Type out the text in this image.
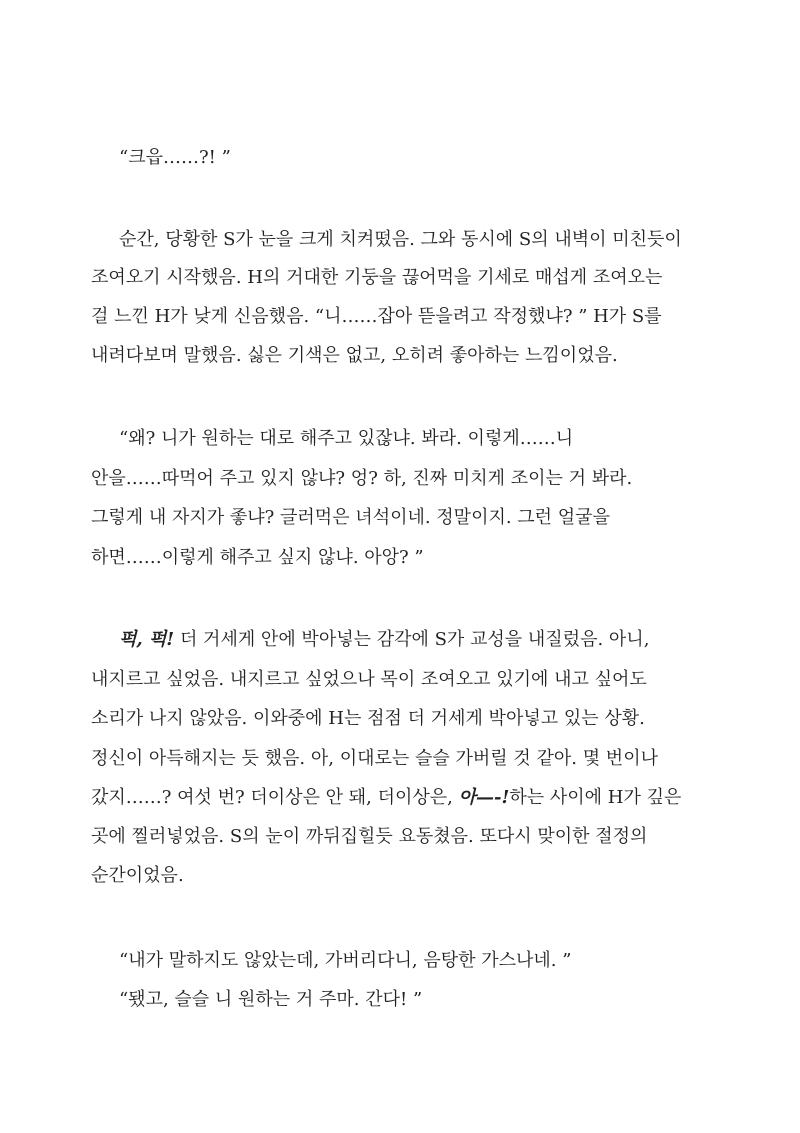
“크읍……?! ”

순간, 당황한 S가 눈을 크게 치켜떴음. 그와 동시에 S의 내벽이 미친듯이

조여오기 시작했음. H의 거대한 기둥을 끊어먹을 기세로 매섭게 조여오는

걸 느낀 H가 낮게 신음했음. “니……잡아 뜯을려고 작정했냐? ” H가 S를

내려다보며 말했음. 싫은 기색은 없고, 오히려 좋아하는 느낌이었음.

“왜? 니가 원하는 대로 해주고 있잖냐. 봐라. 이렇게……니

안을……따먹어 주고 있지 않냐? 엉? 하, 진짜 미치게 조이는 거 봐라.

그렇게 내 자지가 좋냐? 글러먹은 녀석이네. 정말이지. 그런 얼굴을

하면……이렇게 해주고 싶지 않냐. 아앙? ”

퍽, 퍽! 더 거세게 안에 박아넣는 감각에 S가 교성을 내질렀음. 아니,

내지르고 싶었음. 내지르고 싶었으나 목이 조여오고 있기에 내고 싶어도

소리가 나지 않았음. 이와중에 H는 점점 더 거세게 박아넣고 있는 상황.

정신이 아득해지는 듯 했음. 아, 이대로는 슬슬 가버릴 것 같아. 몇 번이나

갔지……? 여섯 번? 더이상은 안 돼, 더이상은, 아—-!하는 사이에 H가 깊은

곳에 찔러넣었음. S의 눈이 까뒤집힐듯 요동쳤음. 또다시 맞이한 절정의

순간이었음.

“내가 말하지도 않았는데, 가버리다니, 음탕한 가스나네. ”

“됐고, 슬슬 니 원하는 거 주마. 간다! ”
